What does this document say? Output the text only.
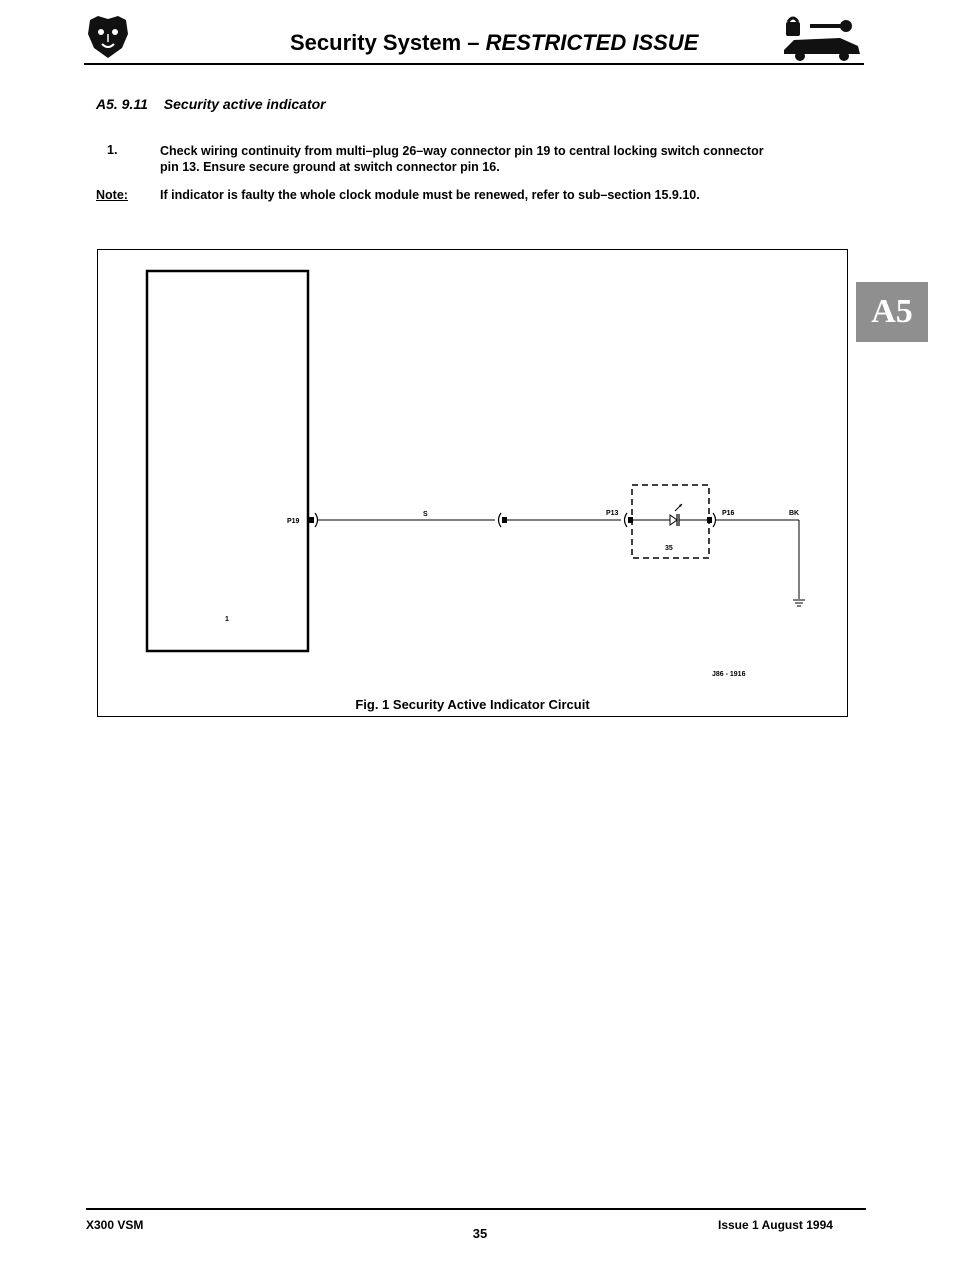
Security System – RESTRICTED ISSUE
A5. 9.11 Security active indicator
1.	Check wiring continuity from multi–plug 26–way connector pin 19 to central locking switch connector pin 13. Ensure secure ground at switch connector pin 16.
Note:	If indicator is faulty the whole clock module must be renewed, refer to sub–section 15.9.10.
P19
S	P13	P16	BK
35
1
J86 - 1916
Fig. 1 Security Active Indicator Circuit
A5
X300 VSM
35
Issue 1 August 1994
